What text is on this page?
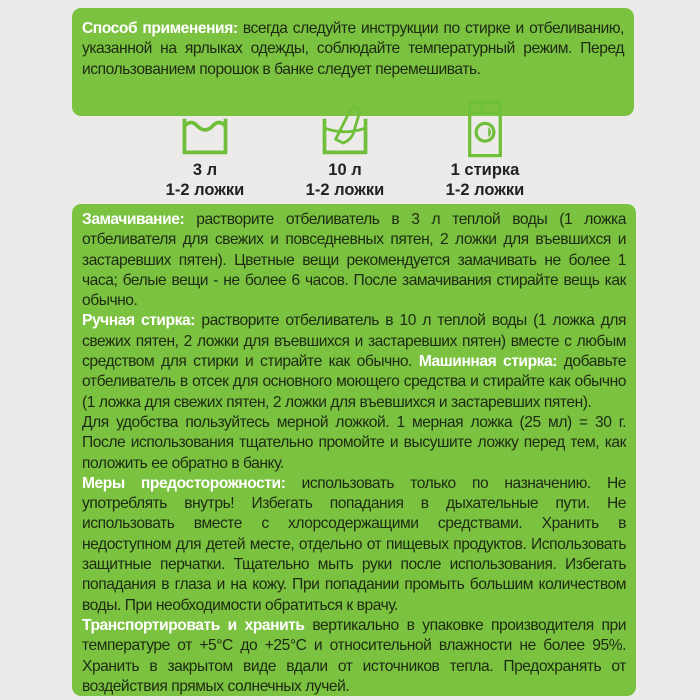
Способ применения: всегда следуйте инструкции по стирке и отбеливанию, указанной на ярлыках одежды, соблюдайте температурный режим. Перед использованием порошок в банке следует перемешивать.
3 л
1-2 ложки
10 л
1-2 ложки
1 стирка
1-2 ложки
Замачивание: растворите отбеливатель в 3 л теплой воды (1 ложка отбеливателя для свежих и повседневных пятен, 2 ложки для въевшихся и застаревших пятен). Цветные вещи рекомендуется замачивать не более 1 часа; белые вещи - не более 6 часов. После замачивания стирайте вещь как обычно.
Ручная стирка: растворите отбеливатель в 10 л теплой воды (1 ложка для свежих пятен, 2 ложки для въевшихся и застаревших пятен) вместе с любым средством для стирки и стирайте как обычно. Машинная стирка: добавьте отбеливатель в отсек для основного моющего средства и стирайте как обычно (1 ложка для свежих пятен, 2 ложки для въевшихся и застаревших пятен).
Для удобства пользуйтесь мерной ложкой. 1 мерная ложка (25 мл) = 30 г. После использования тщательно промойте и высушите ложку перед тем, как положить ее обратно в банку.
Меры предосторожности: использовать только по назначению. Не употреблять внутрь! Избегать попадания в дыхательные пути. Не использовать вместе с хлорсодержащими средствами. Хранить в недоступном для детей месте, отдельно от пищевых продуктов. Использовать защитные перчатки. Тщательно мыть руки после использования. Избегать попадания в глаза и на кожу. При попадании промыть большим количеством воды. При необходимости обратиться к врачу.
Транспортировать и хранить вертикально в упаковке производителя при температуре от +5°С до +25°С и относительной влажности не более 95%. Хранить в закрытом виде вдали от источников тепла. Предохранять от воздействия прямых солнечных лучей.
